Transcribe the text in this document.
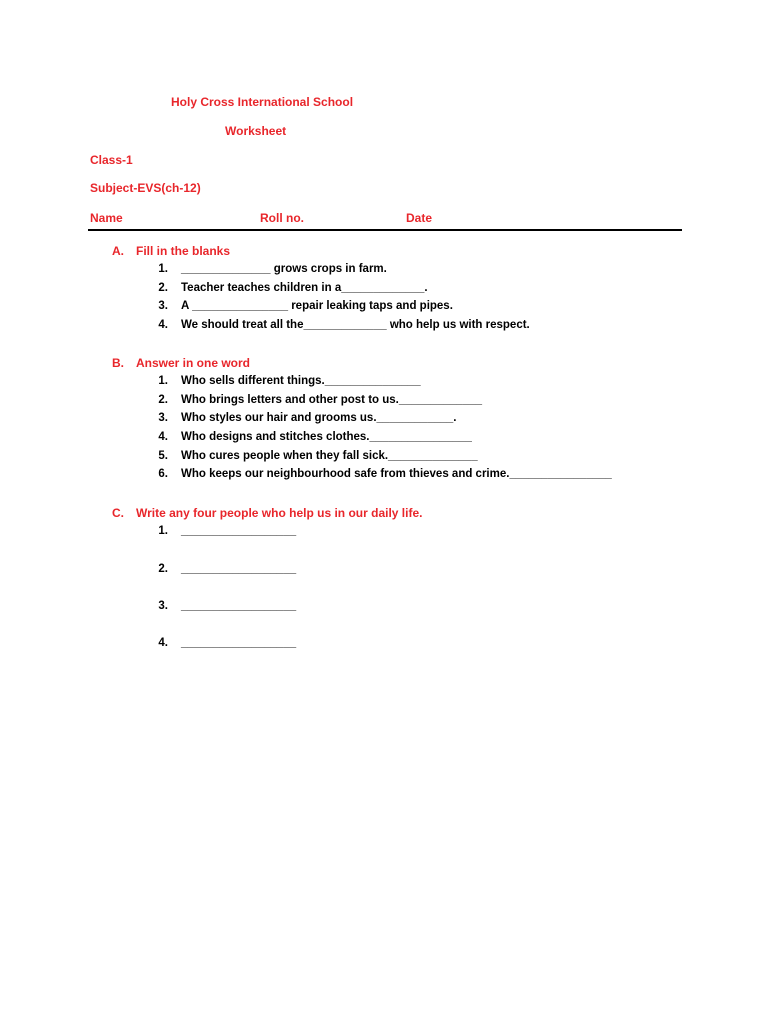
Holy Cross International School
Worksheet
Class-1
Subject-EVS(ch-12)
Name	Roll no.	Date
A. Fill in the blanks
1. ______________ grows crops in farm.
2. Teacher teaches children in a_____________.
3. A _______________ repair leaking taps and pipes.
4. We should treat all the_____________ who help us with respect.
B. Answer in one word
1. Who sells different things._______________
2. Who brings letters and other post to us._____________
3. Who styles our hair and grooms us.____________.
4. Who designs and stitches clothes.________________
5. Who cures people when they fall sick.______________
6. Who keeps our neighbourhood safe from thieves and crime.________________
C. Write any four people who help us in our daily life.
1. __________________
2. __________________
3. __________________
4. __________________
